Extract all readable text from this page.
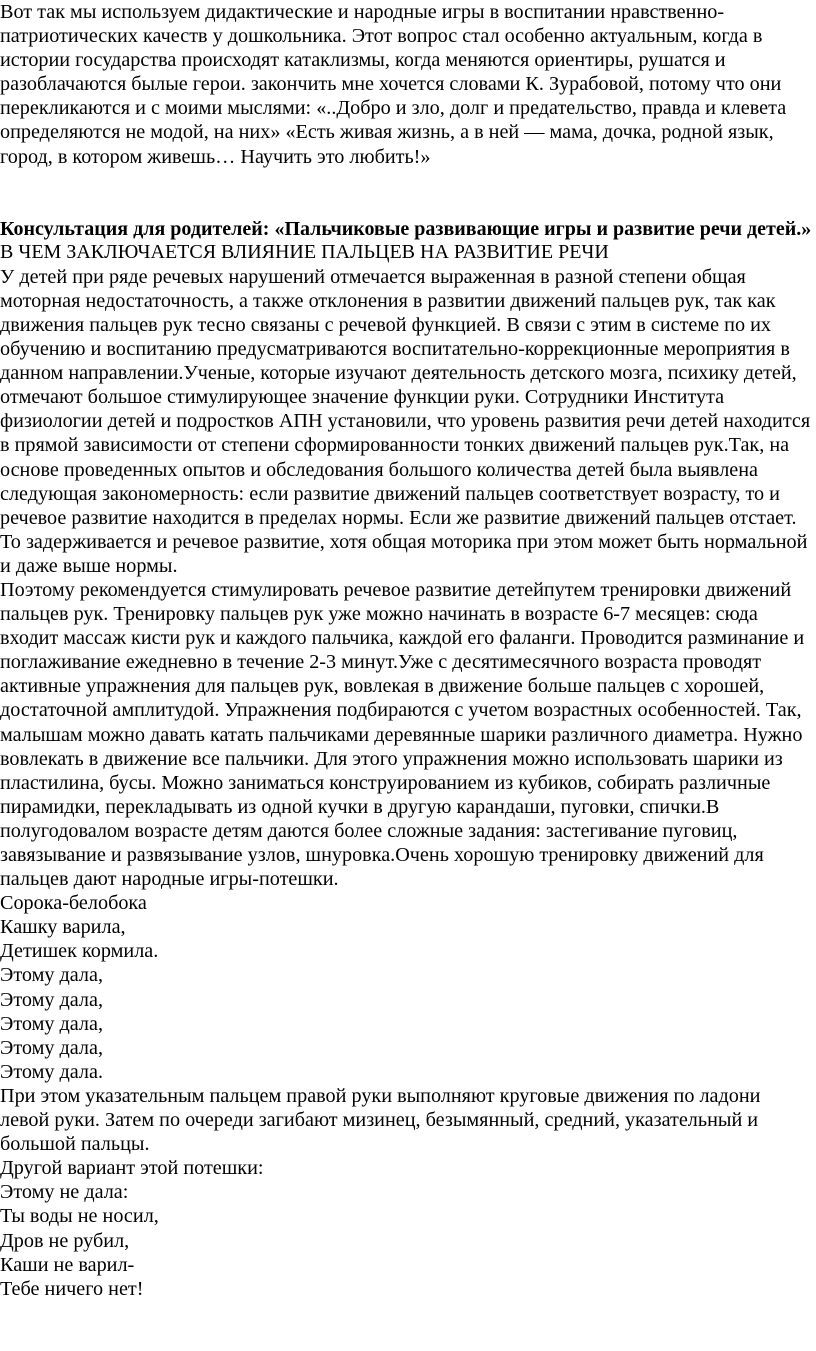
Вот так мы используем дидактические и народные игры в воспитании нравственно-патриотических качеств у дошкольника. Этот вопрос стал особенно актуальным, когда в истории государства происходят катаклизмы, когда меняются ориентиры, рушатся и разоблачаются былые герои. закончить мне хочется словами К. Зурабовой, потому что они перекликаются и с моими мыслями: «..Добро и зло, долг и предательство, правда и клевета определяются не модой, на них» «Есть живая жизнь, а в ней — мама, дочка, родной язык, город, в котором живешь… Научить это любить!»

Консультация для родителей: «Пальчиковые развивающие игры и развитие речи детей.»

В ЧЕМ ЗАКЛЮЧАЕТСЯ ВЛИЯНИЕ ПАЛЬЦЕВ НА РАЗВИТИЕ РЕЧИ

У детей при ряде речевых нарушений отмечается выраженная в разной степени общая моторная недостаточность, а также отклонения в развитии движений пальцев рук, так как движения пальцев рук тесно связаны с речевой функцией. В связи с этим в системе по их обучению и воспитанию предусматриваются воспитательно-коррекционные мероприятия в данном направлении.Ученые, которые изучают деятельность детского мозга, психику детей, отмечают большое стимулирующее значение функции руки. Сотрудники Института физиологии детей и подростков АПН установили, что уровень развития речи детей находится в прямой зависимости от степени сформированности тонких движений пальцев рук.Так, на основе проведенных опытов и обследования большого количества детей была выявлена следующая закономерность: если развитие движений пальцев соответствует возрасту, то и речевое развитие находится в пределах нормы. Если же развитие движений пальцев отстает. То задерживается и речевое развитие, хотя общая моторика при этом может быть нормальной и даже выше нормы.

Поэтому рекомендуется стимулировать речевое развитие детейпутем тренировки движений пальцев рук. Тренировку пальцев рук уже можно начинать в возрасте 6-7 месяцев: сюда входит массаж кисти рук и каждого пальчика, каждой его фаланги. Проводится разминание и поглаживание ежедневно в течение 2-3 минут.Уже с десятимесячного возраста проводят активные упражнения для пальцев рук, вовлекая в движение больше пальцев с хорошей, достаточной амплитудой. Упражнения подбираются с учетом возрастных особенностей. Так, малышам можно давать катать пальчиками деревянные шарики различного диаметра. Нужно вовлекать в движение все пальчики. Для этого упражнения можно использовать шарики из пластилина, бусы. Можно заниматься конструированием из кубиков, собирать различные пирамидки, перекладывать из одной кучки в другую карандаши, пуговки, спички.В полугодовалом возрасте детям даются более сложные задания: застегивание пуговиц, завязывание и развязывание узлов, шнуровка.Очень хорошую тренировку движений для пальцев дают народные игры-потешки.

Сорока-белобока
Кашку варила,
Детишек кормила.
Этому дала,
Этому дала,
Этому дала,
Этому дала,
Этому дала.

При этом указательным пальцем правой руки выполняют круговые движения по ладони левой руки. Затем по очереди загибают мизинец, безымянный, средний, указательный и большой пальцы.

Другой вариант этой потешки:

Этому не дала:
Ты воды не носил,
Дров не рубил,
Каши не варил-
Тебе ничего нет!
